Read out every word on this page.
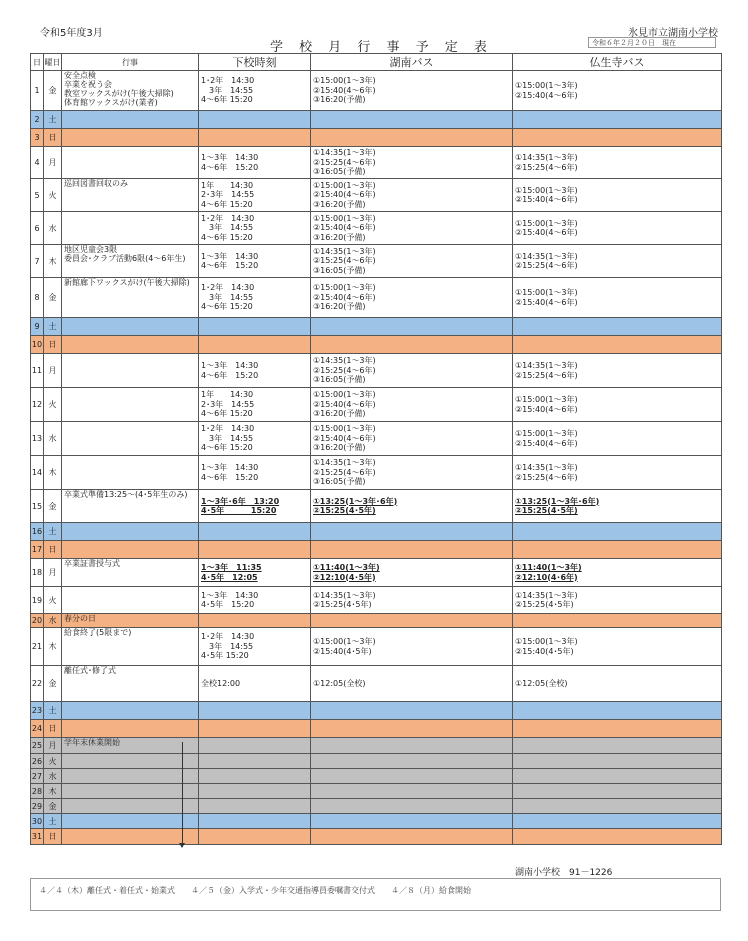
令和5年度3月	氷見市立湖南小学校
学 校 月 行 事 予 定 表	令和６年２月２０日　現在
日	曜日	行事	下校時刻	湖南バス	仏生寺バス
1	金	安全点検
卒業を祝う会
教室ワックスがけ(午後大掃除)
体育館ワックスがけ(業者)	1･2年　14:30
　3年　14:55
4～6年 15:20	①15:00(1～3年)
②15:40(4～6年)
③16:20(予備)	①15:00(1～3年)
②15:40(4～6年)

2	土				
3	日				
4	月		1～3年　14:30
4～6年　15:20	①14:35(1～3年)
②15:25(4～6年)
③16:05(予備)	①14:35(1～3年)
②15:25(4～6年)

5	火	巡回図書回収のみ	1年　　14:30
2･3年　14:55
4～6年 15:20	①15:00(1～3年)
②15:40(4～6年)
③16:20(予備)	①15:00(1～3年)
②15:40(4～6年)

6	水		1･2年　14:30
　3年　14:55
4～6年 15:20	①15:00(1～3年)
②15:40(4～6年)
③16:20(予備)	①15:00(1～3年)
②15:40(4～6年)

7	木	地区児童会3限
委員会･クラブ活動6限(4～6年生)	1～3年　14:30
4～6年　15:20	①14:35(1～3年)
②15:25(4～6年)
③16:05(予備)	①14:35(1～3年)
②15:25(4～6年)

8	金	新館廊下ワックスがけ(午後大掃除)	1･2年　14:30
　3年　14:55
4～6年 15:20	①15:00(1～3年)
②15:40(4～6年)
③16:20(予備)	①15:00(1～3年)
②15:40(4～6年)

9	土				
10	日				
11	月		1～3年　14:30
4～6年　15:20	①14:35(1～3年)
②15:25(4～6年)
③16:05(予備)	①14:35(1～3年)
②15:25(4～6年)

12	火		1年　　14:30
2･3年　14:55
4～6年 15:20	①15:00(1～3年)
②15:40(4～6年)
③16:20(予備)	①15:00(1～3年)
②15:40(4～6年)

13	水		1･2年　14:30
　3年　14:55
4～6年 15:20	①15:00(1～3年)
②15:40(4～6年)
③16:20(予備)	①15:00(1～3年)
②15:40(4～6年)

14	木		1～3年　14:30
4～6年　15:20	①14:35(1～3年)
②15:25(4～6年)
③16:05(予備)	①14:35(1～3年)
②15:25(4～6年)

15	金	卒業式準備13:25～(4･5年生のみ)	1～3年･6年　13:20
4･5年　　　 15:20	①13:25(1～3年･6年)
②15:25(4･5年)	①13:25(1～3年･6年)
②15:25(4･5年)

16	土				
17	日				
18	月	卒業証書授与式	1～3年　11:35
4･5年　12:05	①11:40(1～3年)
②12:10(4･5年)	①11:40(1～3年)
②12:10(4･6年)

19	火		1～3年　14:30
4･5年　15:20	①14:35(1～3年)
②15:25(4･5年)	①14:35(1～3年)
②15:25(4･5年)

20	水	春分の日			

21	木	給食終了(5限まで)	1･2年　14:30
　3年　14:55
4･5年 15:20	①15:00(1～3年)
②15:40(4･5年)	①15:00(1～3年)
②15:40(4･5年)

22	金	離任式･修了式	全校12:00	①12:05(全校)	①12:05(全校)

23	土				
24	日				
25	月	学年末休業開始			

26	火				
27	水				
28	木				
29	金				
30	土				
31	日				
湖南小学校　91－1226
４／４（木）離任式・着任式・始業式　　４／５（金）入学式・少年交通指導員委嘱書交付式　　４／８（月）給食開始
